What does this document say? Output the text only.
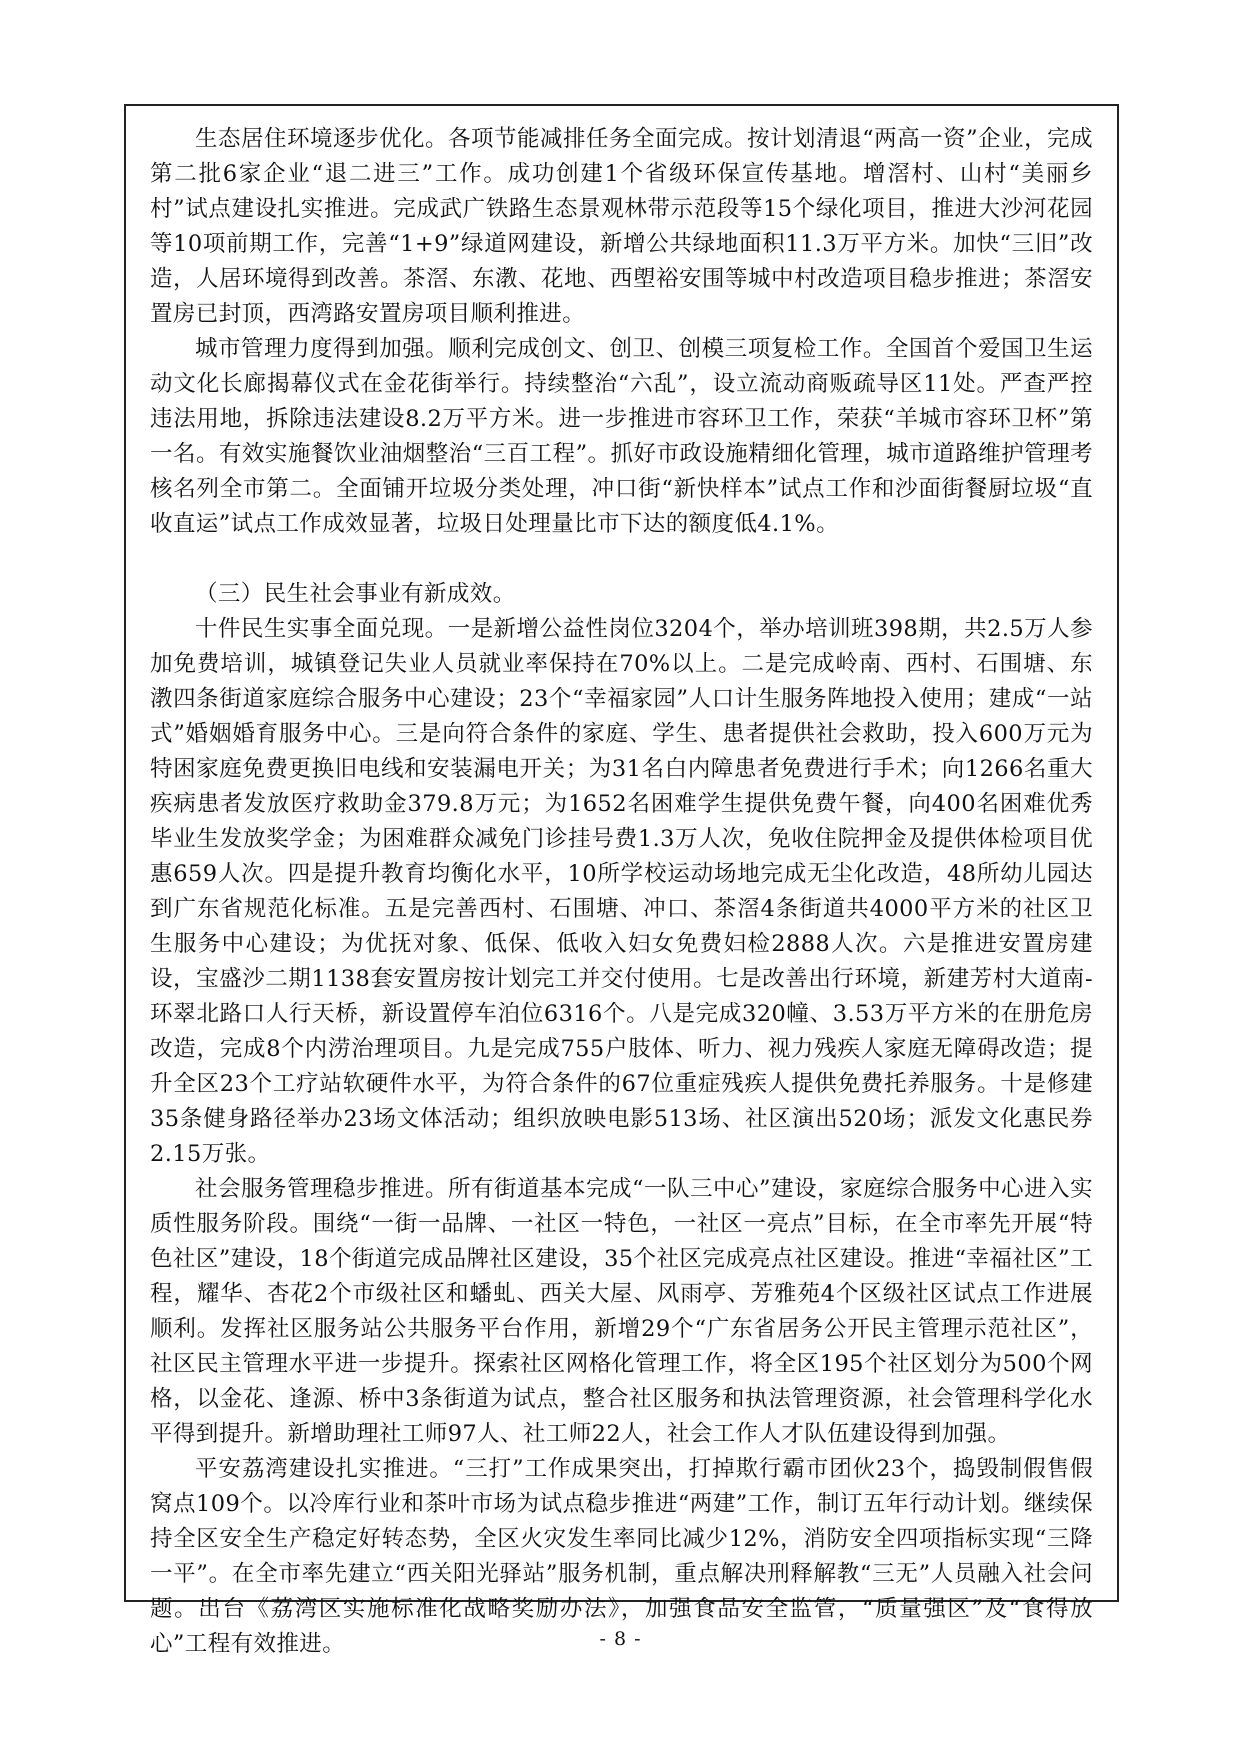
生态居住环境逐步优化。各项节能减排任务全面完成。按计划清退“两高一资”企业，完成第二批6家企业“退二进三”工作。成功创建1个省级环保宣传基地。增滘村、山村“美丽乡村”试点建设扎实推进。完成武广铁路生态景观林带示范段等15个绿化项目，推进大沙河花园等10项前期工作，完善“1+9”绿道网建设，新增公共绿地面积11.3万平方米。加快“三旧”改造，人居环境得到改善。茶滘、东漖、花地、西塱裕安围等城中村改造项目稳步推进；茶滘安置房已封顶，西湾路安置房项目顺利推进。

城市管理力度得到加强。顺利完成创文、创卫、创模三项复检工作。全国首个爱国卫生运动文化长廊揭幕仪式在金花街举行。持续整治“六乱”，设立流动商贩疏导区11处。严查严控违法用地，拆除违法建设8.2万平方米。进一步推进市容环卫工作，荣获“羊城市容环卫杯”第一名。有效实施餐饮业油烟整治“三百工程”。抓好市政设施精细化管理，城市道路维护管理考核名列全市第二。全面铺开垃圾分类处理，冲口街“新快样本”试点工作和沙面街餐厨垃圾“直收直运”试点工作成效显著，垃圾日处理量比市下达的额度低4.1%。

（三）民生社会事业有新成效。

十件民生实事全面兑现。一是新增公益性岗位3204个，举办培训班398期，共2.5万人参加免费培训，城镇登记失业人员就业率保持在70%以上。二是完成岭南、西村、石围塘、东漖四条街道家庭综合服务中心建设；23个“幸福家园”人口计生服务阵地投入使用；建成“一站式”婚姻婚育服务中心。三是向符合条件的家庭、学生、患者提供社会救助，投入600万元为特困家庭免费更换旧电线和安装漏电开关；为31名白内障患者免费进行手术；向1266名重大疾病患者发放医疗救助金379.8万元；为1652名困难学生提供免费午餐，向400名困难优秀毕业生发放奖学金；为困难群众减免门诊挂号费1.3万人次，免收住院押金及提供体检项目优惠659人次。四是提升教育均衡化水平，10所学校运动场地完成无尘化改造，48所幼儿园达到广东省规范化标准。五是完善西村、石围塘、冲口、茶滘4条街道共4000平方米的社区卫生服务中心建设；为优抚对象、低保、低收入妇女免费妇检2888人次。六是推进安置房建设，宝盛沙二期1138套安置房按计划完工并交付使用。七是改善出行环境，新建芳村大道南-环翠北路口人行天桥，新设置停车泊位6316个。八是完成320幢、3.53万平方米的在册危房改造，完成8个内涝治理项目。九是完成755户肢体、听力、视力残疾人家庭无障碍改造；提升全区23个工疗站软硬件水平，为符合条件的67位重症残疾人提供免费托养服务。十是修建35条健身路径举办23场文体活动；组织放映电影513场、社区演出520场；派发文化惠民券2.15万张。

社会服务管理稳步推进。所有街道基本完成“一队三中心”建设，家庭综合服务中心进入实质性服务阶段。围绕“一街一品牌、一社区一特色，一社区一亮点”目标，在全市率先开展“特色社区”建设，18个街道完成品牌社区建设，35个社区完成亮点社区建设。推进“幸福社区”工程，耀华、杏花2个市级社区和蟠虬、西关大屋、风雨亭、芳雅苑4个区级社区试点工作进展顺利。发挥社区服务站公共服务平台作用，新增29个“广东省居务公开民主管理示范社区”，社区民主管理水平进一步提升。探索社区网格化管理工作，将全区195个社区划分为500个网格，以金花、逢源、桥中3条街道为试点，整合社区服务和执法管理资源，社会管理科学化水平得到提升。新增助理社工师97人、社工师22人，社会工作人才队伍建设得到加强。

平安荔湾建设扎实推进。“三打”工作成果突出，打掉欺行霸市团伙23个，捣毁制假售假窝点109个。以冷库行业和茶叶市场为试点稳步推进“两建”工作，制订五年行动计划。继续保持全区安全生产稳定好转态势，全区火灾发生率同比减少12%，消防安全四项指标实现“三降一平”。在全市率先建立“西关阳光驿站”服务机制，重点解决刑释解教“三无”人员融入社会问题。出台《荔湾区实施标准化战略奖励办法》，加强食品安全监管，“质量强区”及“食得放心”工程有效推进。	- 8 -
